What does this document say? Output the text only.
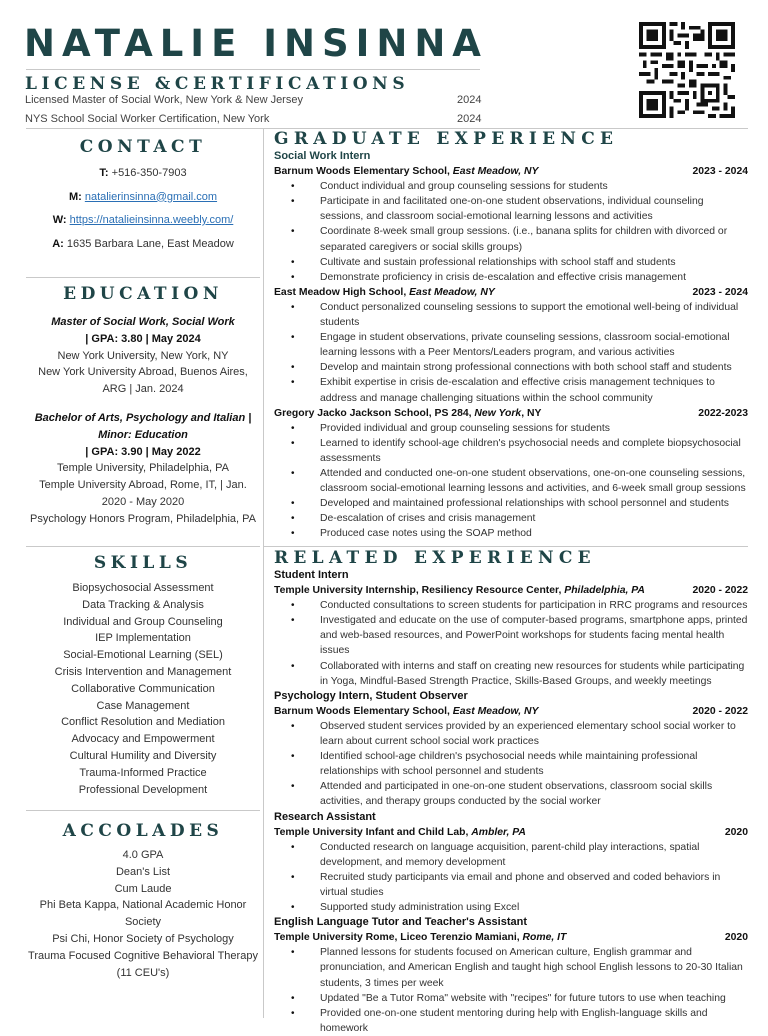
NATALIE INSINNA
LICENSE &CERTIFICATIONS
Licensed Master of Social Work, New York & New Jersey	2024
NYS School Social Worker Certification, New York	2024
CONTACT
T: +516-350-7903
M: natalierinsinna@gmail.com
W: https://natalieinsinna.weebly.com/
A: 1635 Barbara Lane, East Meadow
EDUCATION
Master of Social Work, Social Work
| GPA: 3.80 | May 2024
New York University, New York, NY
New York University Abroad, Buenos Aires, ARG | Jan. 2024
Bachelor of Arts, Psychology and Italian | Minor: Education
| GPA: 3.90 | May 2022
Temple University, Philadelphia, PA
Temple University Abroad, Rome, IT, | Jan. 2020 - May 2020
Psychology Honors Program, Philadelphia, PA
SKILLS
Biopsychosocial Assessment
Data Tracking & Analysis
Individual and Group Counseling
IEP Implementation
Social-Emotional Learning (SEL)
Crisis Intervention and Management
Collaborative Communication
Case Management
Conflict Resolution and Mediation
Advocacy and Empowerment
Cultural Humility and Diversity
Trauma-Informed Practice
Professional Development
ACCOLADES
4.0 GPA
Dean's List
Cum Laude
Phi Beta Kappa, National Academic Honor Society
Psi Chi, Honor Society of Psychology
Trauma Focused Cognitive Behavioral Therapy (11 CEU's)
GRADUATE EXPERIENCE
Social Work Intern
Barnum Woods Elementary School, East Meadow, NY	2023 - 2024
• Conduct individual and group counseling sessions for students
• Participate in and facilitated one-on-one student observations, individual counseling sessions, and classroom social-emotional learning lessons and activities
• Coordinate 8-week small group sessions. (i.e., banana splits for children with divorced or separated caregivers or social skills groups)
• Cultivate and sustain professional relationships with school staff and students
• Demonstrate proficiency in crisis de-escalation and effective crisis management
East Meadow High School, East Meadow, NY	2023 - 2024
• Conduct personalized counseling sessions to support the emotional well-being of individual students
• Engage in student observations, private counseling sessions, classroom social-emotional learning lessons with a Peer Mentors/Leaders program, and various activities
• Develop and maintain strong professional connections with both school staff and students
• Exhibit expertise in crisis de-escalation and effective crisis management techniques to address and manage challenging situations within the school community
Gregory Jacko Jackson School, PS 284, New York, NY	2022-2023
• Provided individual and group counseling sessions for students
• Learned to identify school-age children's psychosocial needs and complete biopsychosocial assessments
• Attended and conducted one-on-one student observations, one-on-one counseling sessions, classroom social-emotional learning lessons and activities, and 6-week small group sessions
• Developed and maintained professional relationships with school personnel and students
• De-escalation of crises and crisis management
• Produced case notes using the SOAP method
RELATED EXPERIENCE
Student Intern
Temple University Internship, Resiliency Resource Center, Philadelphia, PA	2020 - 2022
• Conducted consultations to screen students for participation in RRC programs and resources
• Investigated and educate on the use of computer-based programs, smartphone apps, printed and web-based resources, and PowerPoint workshops for students facing mental health issues
• Collaborated with interns and staff on creating new resources for students while participating in Yoga, Mindful-Based Strength Practice, Skills-Based Groups, and weekly meetings
Psychology Intern, Student Observer
Barnum Woods Elementary School, East Meadow, NY	2020 - 2022
• Observed student services provided by an experienced elementary school social worker to learn about current school social work practices
• Identified school-age children's psychosocial needs while maintaining professional relationships with school personnel and students
• Attended and participated in one-on-one student observations, classroom social skills activities, and therapy groups conducted by the social worker
Research Assistant
Temple University Infant and Child Lab, Ambler, PA	2020
• Conducted research on language acquisition, parent-child play interactions, spatial development, and memory development
• Recruited study participants via email and phone and observed and coded behaviors in virtual studies
• Supported study administration using Excel
English Language Tutor and Teacher's Assistant
Temple University Rome, Liceo Terenzio Mamiani, Rome, IT	2020
• Planned lessons for students focused on American culture, English grammar and pronunciation, and American English and taught high school English lessons to 20-30 Italian students, 3 times per week
• Updated "Be a Tutor Roma" website with "recipes" for future tutors to use when teaching
• Provided one-on-one student mentoring during help with English-language skills and homework
